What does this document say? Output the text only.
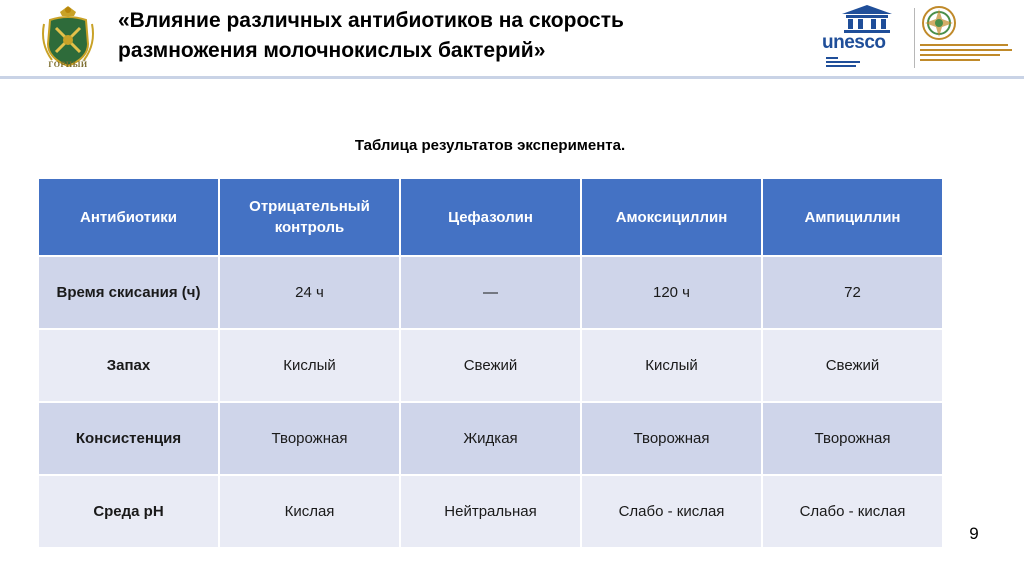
ГОРНЫЙ
«Влияние различных антибиотиков на скорость
размножения молочнокислых бактерий»	unesco
Таблица результатов эксперимента.
Антибиотики	Отрицательный контроль	Цефазолин	Амоксициллин	Ампициллин
Время скисания (ч)	24 ч	—	120 ч	72
Запах	Кислый	Свежий	Кислый	Свежий
Консистенция	Творожная	Жидкая	Творожная	Творожная
Среда pH	Кислая	Нейтральная	Слабо - кислая	Слабо - кислая
9
